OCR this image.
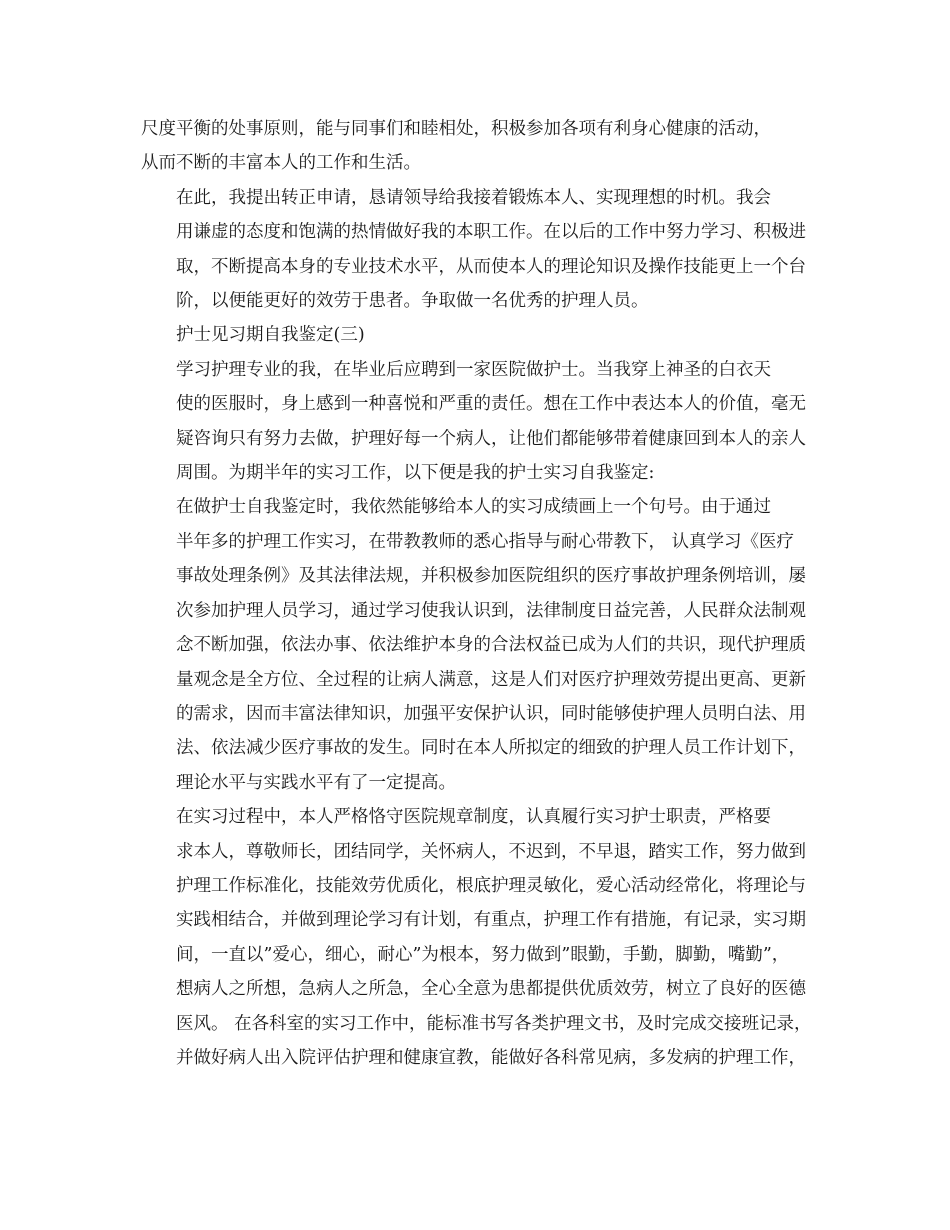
尺度平衡的处事原则，能与同事们和睦相处，积极参加各项有利身心健康的活动，
从而不断的丰富本人的工作和生活。

在此，我提出转正申请，恳请领导给我接着锻炼本人、实现理想的时机。我会
用谦虚的态度和饱满的热情做好我的本职工作。在以后的工作中努力学习、积极进
取，不断提高本身的专业技术水平，从而使本人的理论知识及操作技能更上一个台
阶，以便能更好的效劳于患者。争取做一名优秀的护理人员。

护士见习期自我鉴定(三)

学习护理专业的我，在毕业后应聘到一家医院做护士。当我穿上神圣的白衣天
使的医服时，身上感到一种喜悦和严重的责任。想在工作中表达本人的价值，毫无
疑咨询只有努力去做，护理好每一个病人，让他们都能够带着健康回到本人的亲人
周围。为期半年的实习工作，以下便是我的护士实习自我鉴定:

在做护士自我鉴定时，我依然能够给本人的实习成绩画上一个句号。由于通过
半年多的护理工作实习，在带教教师的悉心指导与耐心带教下， 认真学习《医疗
事故处理条例》及其法律法规，并积极参加医院组织的医疗事故护理条例培训，屡
次参加护理人员学习，通过学习使我认识到，法律制度日益完善，人民群众法制观
念不断加强，依法办事、依法维护本身的合法权益已成为人们的共识，现代护理质
量观念是全方位、全过程的让病人满意，这是人们对医疗护理效劳提出更高、更新
的需求，因而丰富法律知识，加强平安保护认识，同时能够使护理人员明白法、用
法、依法减少医疗事故的发生。同时在本人所拟定的细致的护理人员工作计划下，
理论水平与实践水平有了一定提高。

在实习过程中，本人严格恪守医院规章制度，认真履行实习护士职责，严格要
求本人，尊敬师长，团结同学，关怀病人，不迟到，不早退，踏实工作，努力做到
护理工作标准化，技能效劳优质化，根底护理灵敏化，爱心活动经常化，将理论与
实践相结合，并做到理论学习有计划，有重点，护理工作有措施，有记录，实习期
间，一直以”爱心，细心，耐心”为根本，努力做到”眼勤，手勤，脚勤，嘴勤”，
想病人之所想，急病人之所急，全心全意为患都提供优质效劳，树立了良好的医德
医风。 在各科室的实习工作中，能标准书写各类护理文书，及时完成交接班记录，
并做好病人出入院评估护理和健康宣教，能做好各科常见病，多发病的护理工作，
